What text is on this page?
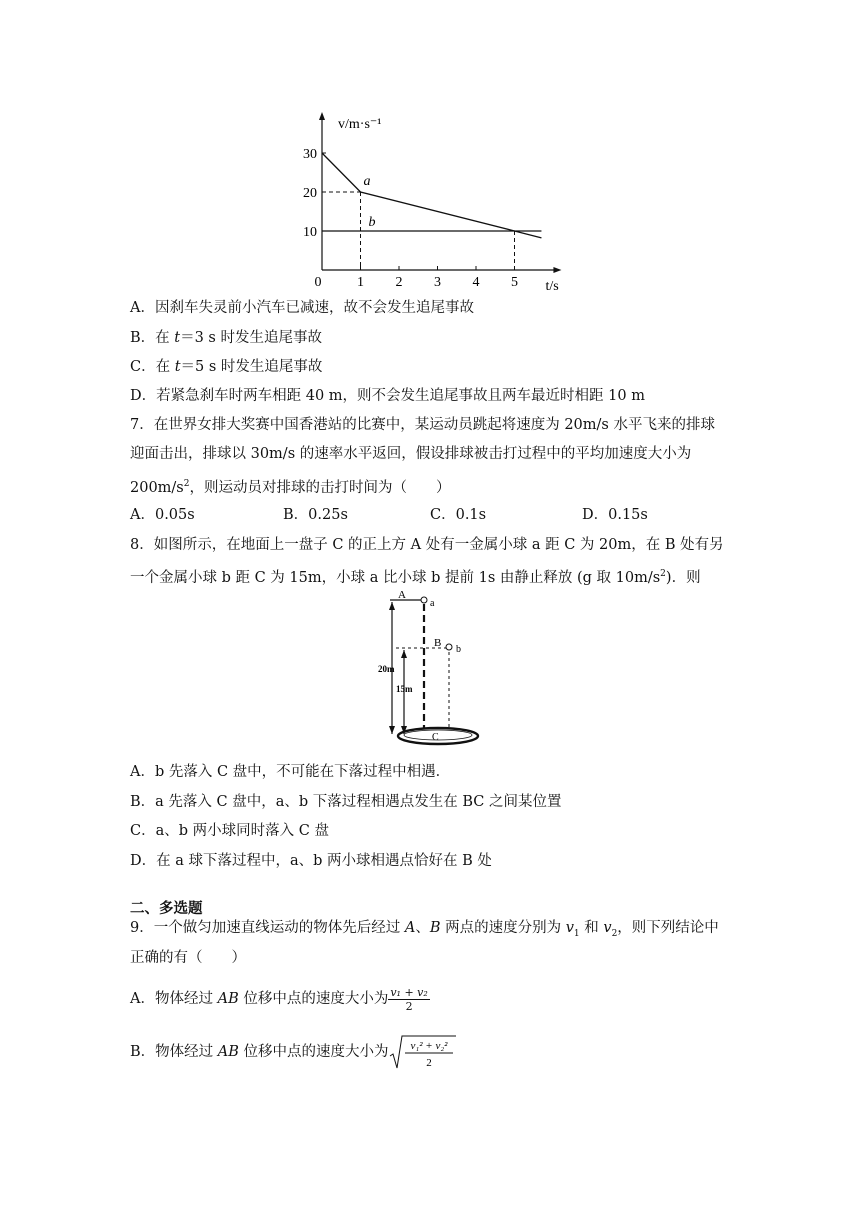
0	1 2 3 4 5
10
20
30
v/m·s⁻¹
t/s
a
b
A．因刹车失灵前小汽车已减速，故不会发生追尾事故
B．在 t＝3 s 时发生追尾事故
C．在 t＝5 s 时发生追尾事故
D．若紧急刹车时两车相距 40 m，则不会发生追尾事故且两车最近时相距 10 m
7．在世界女排大奖赛中国香港站的比赛中，某运动员跳起将速度为 20m/s 水平飞来的排球
迎面击出，排球以 30m/s 的速率水平返回，假设排球被击打过程中的平均加速度大小为
$200m/s^2$，则运动员对排球的击打时间为（　　）
A．0.05s	B．0.25s	C．0.1s	D．0.15s
8．如图所示，在地面上一盘子 C 的正上方 A 处有一金属小球 a 距 C 为 20m，在 B 处有另
一个金属小球 b 距 C 为 15m，小球 a 比小球 b 提前 1s 由静止释放 (g 取 $10m/s^2$)．则
A
a
B
b
20m
15m
C
A．b 先落入 C 盘中，不可能在下落过程中相遇．
B．a 先落入 C 盘中，a、b 下落过程相遇点发生在 BC 之间某位置
C．a、b 两小球同时落入 C 盘
D．在 a 球下落过程中，a、b 两小球相遇点恰好在 B 处
二、多选题
9．一个做匀加速直线运动的物体先后经过 A、B 两点的速度分别为 $v_1$ 和 $v_2$，则下列结论中
正确的有（　　）
A．物体经过 AB 位移中点的速度大小为 $\frac{\text{v₁ + v₂}}{2}$
B．物体经过 AB 位移中点的速度大小为 v₁² + v₂²
2
